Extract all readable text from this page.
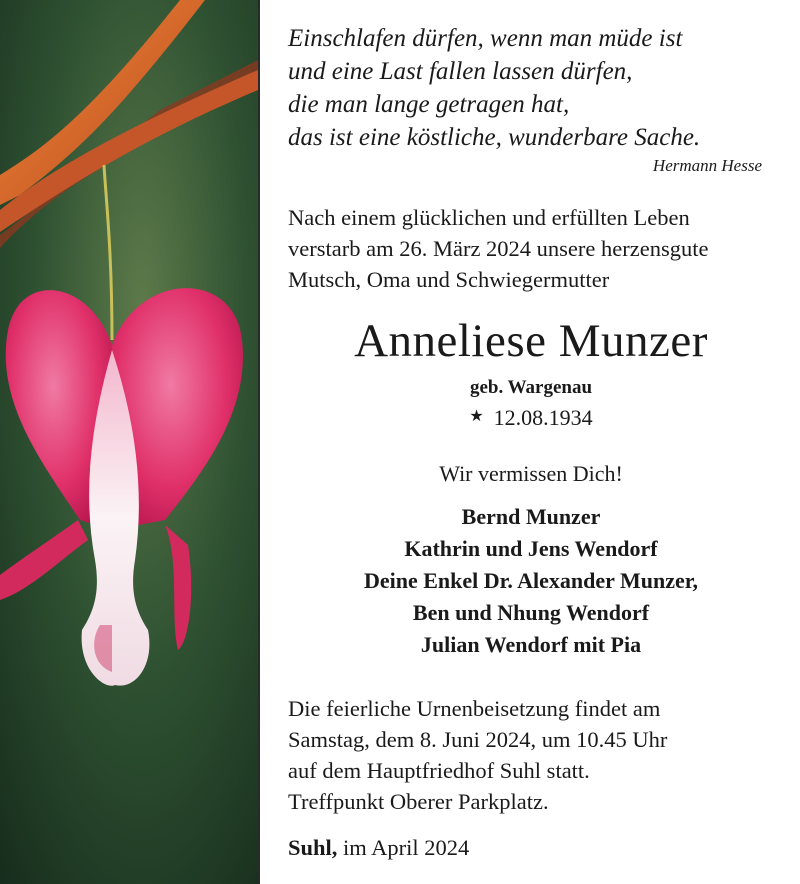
Einschlafen dürfen, wenn man müde ist
und eine Last fallen lassen dürfen,
die man lange getragen hat,
das ist eine köstliche, wunderbare Sache.
Hermann Hesse
Nach einem glücklichen und erfüllten Leben
verstarb am 26. März 2024 unsere herzensgute
Mutsch, Oma und Schwiegermutter
Anneliese Munzer
geb. Wargenau
★ 12.08.1934
Wir vermissen Dich!
Bernd Munzer
Kathrin und Jens Wendorf
Deine Enkel Dr. Alexander Munzer,
Ben und Nhung Wendorf
Julian Wendorf mit Pia
Die feierliche Urnenbeisetzung findet am
Samstag, dem 8. Juni 2024, um 10.45 Uhr
auf dem Hauptfriedhof Suhl statt.
Treffpunkt Oberer Parkplatz.
Suhl, im April 2024
